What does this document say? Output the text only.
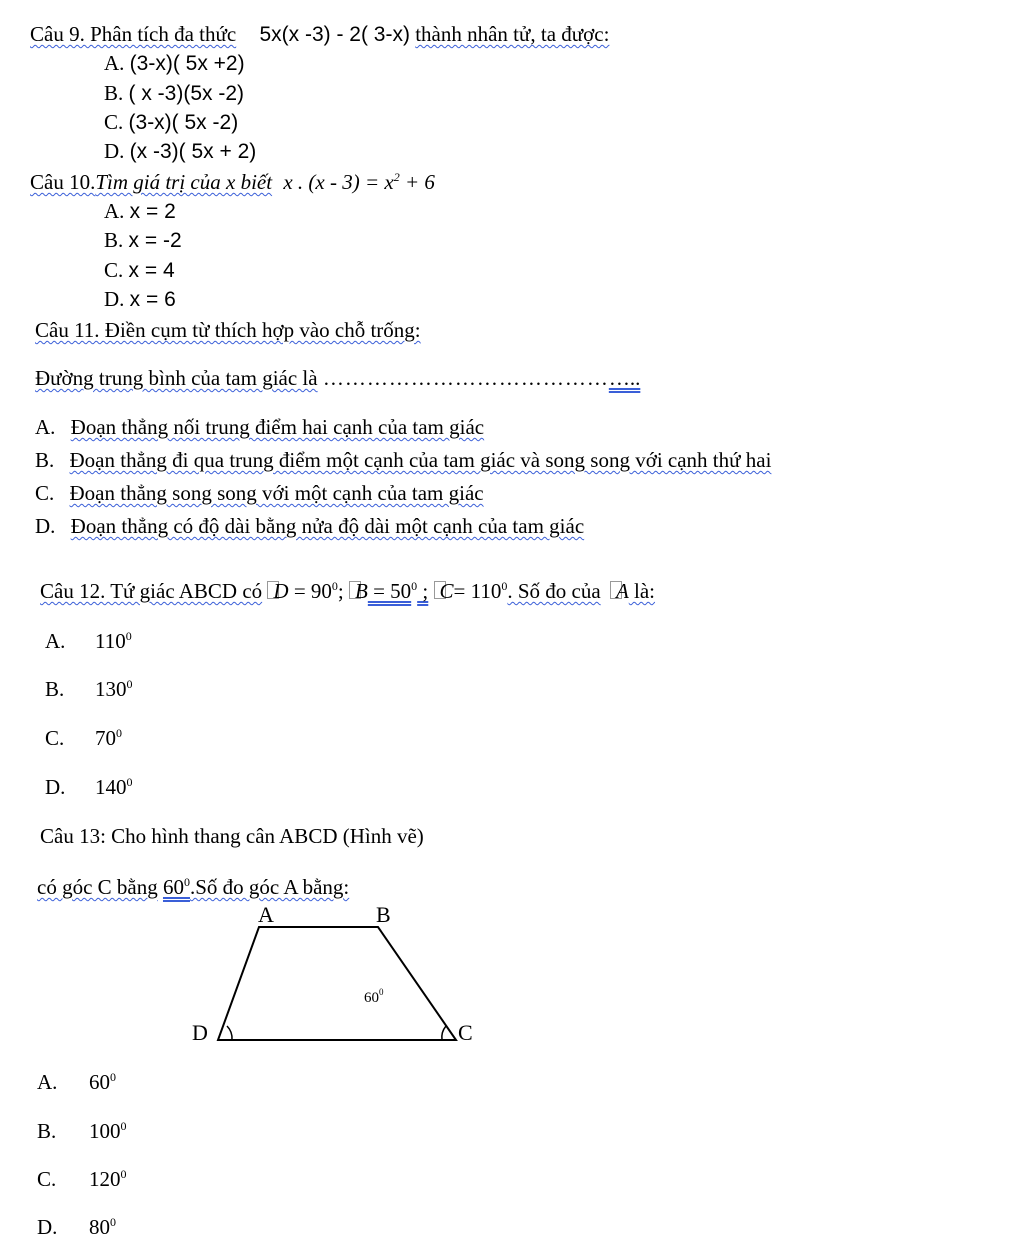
Câu 9. Phân tích đa thức 5x(x -3) - 2( 3-x) thành nhân tử, ta được:
A. (3-x)( 5x +2)
B. ( x -3)(5x -2)
C. (3-x)( 5x -2)
D. (x -3)( 5x + 2)
Câu 10.Tìm giá trị của x biết x . $(x - 3) = x^2 + 6$
A. x = 2
B. x = -2
C. x = 4
D. x = 6
Câu 11. Điền cụm từ thích hợp vào chỗ trống:
Đường trung bình của tam giác là ……………………………………..
A. Đoạn thẳng nối trung điểm hai cạnh của tam giác
B. Đoạn thẳng đi qua trung điểm một cạnh của tam giác và song song với cạnh thứ hai
C. Đoạn thẳng song song với một cạnh của tam giác
D. Đoạn thẳng có độ dài bằng nửa độ dài một cạnh của tam giác
Câu 12. Tứ giác ABCD có $D = 90^0$; $B = 50^0$ ; $C= 110^0$. Số đo của A là:
A. $110^0$
B. $130^0$
C. $70^0$
D. $140^0$
Câu 13: Cho hình thang cân ABCD (Hình vẽ)
có góc C bằng $60^0.Số$ đo góc A bằng:
A	B
C
D
$60^0$
A. $60^0$
B. $100^0$
C. $120^0$
D. $80^0$
